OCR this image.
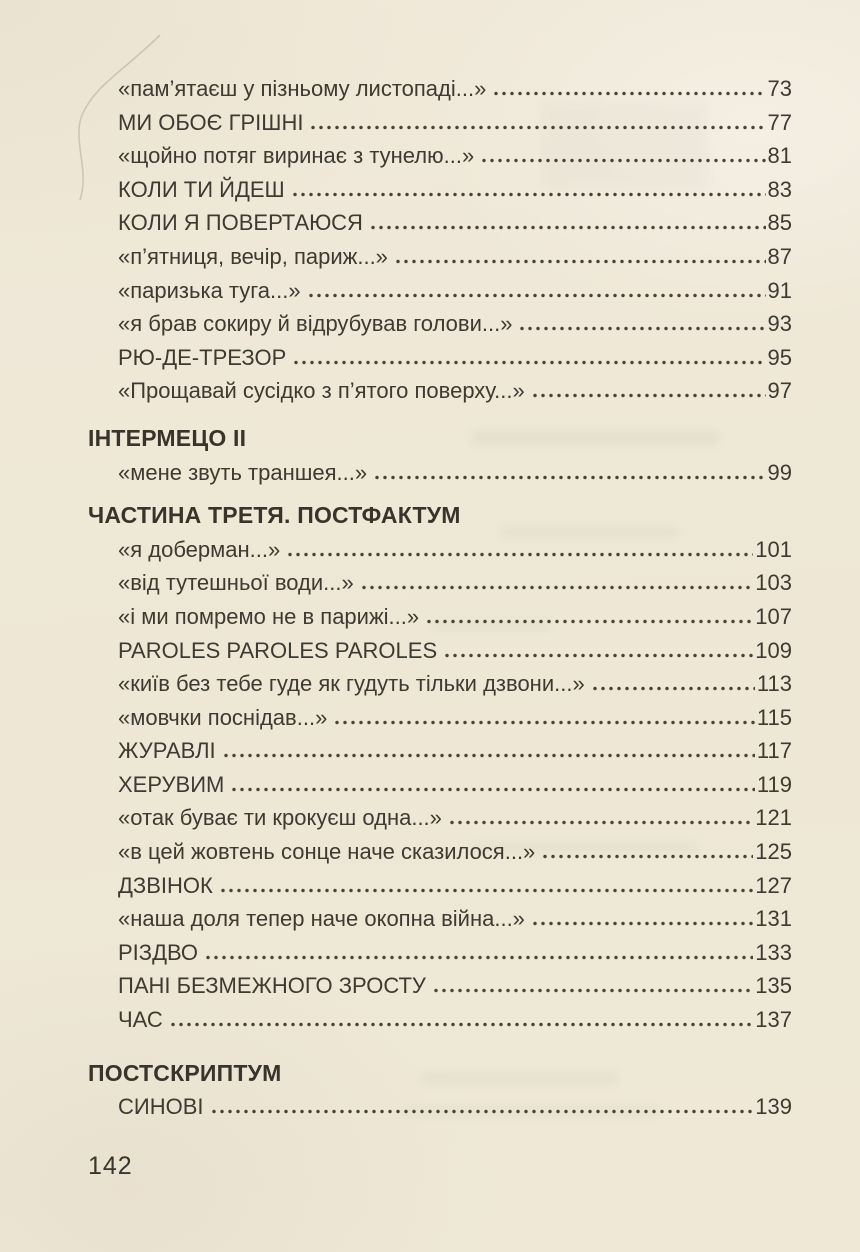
«пам’ятаєш у пізньому листопаді...»	73
МИ ОБОЄ ГРІШНІ	77
«щойно потяг виринає з тунелю...»	81
КОЛИ ТИ ЙДЕШ	83
КОЛИ Я ПОВЕРТАЮСЯ	85
«п’ятниця, вечір, париж...»	87
«паризька туга...»	91
«я брав сокиру й відрубував голови...»	93
РЮ-ДЕ-ТРЕЗОР	95
«Прощавай сусідко з п’ятого поверху...»	97
ІНТЕРМЕЦО ІІ
«мене звуть траншея...»	99
ЧАСТИНА ТРЕТЯ. ПОСТФАКТУМ
«я доберман...»	101
«від тутешньої води...»	103
«і ми помремо не в парижі...»	107
PAROLES PAROLES PAROLES	109
«київ без тебе гуде як гудуть тільки дзвони...»	113
«мовчки поснідав...»	115
ЖУРАВЛІ	117
ХЕРУВИМ	119
«отак буває ти крокуєш одна...»	121
«в цей жовтень сонце наче сказилося...»	125
ДЗВІНОК	127
«наша доля тепер наче окопна війна...»	131
РІЗДВО	133
ПАНІ БЕЗМЕЖНОГО ЗРОСТУ	135
ЧАС	137
ПОСТСКРИПТУМ
СИНОВІ	139
142
